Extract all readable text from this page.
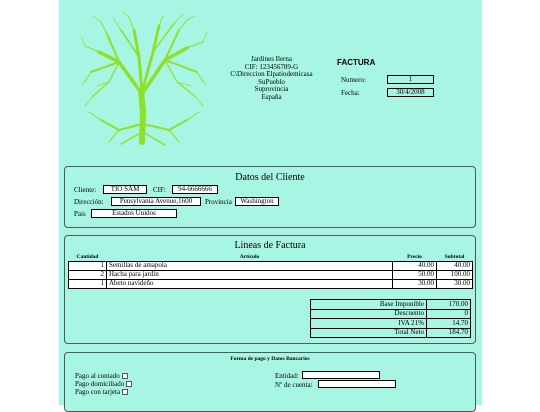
Jardines Ilerna
CIF: 123456789-G
C\Direccion Elpatiodemicasa
SuPueblo
Suprovincia
España
FACTURA
Numero:	1
Fecha:	30/4/2008
Datos del Cliente
Cliente:	TIO SAM	CIF:	94-6666666
Dirección:	Pensylvania Avenue,1600	Provincia	Washington
Pais	Estados Unidos
Lineas de Factura
Cantidad	Artículo	Precio	Subtotal
1	Semillas de amapola	40.00	40.00
2	Hacha para jardín	50.00	100.00
1	Abeto navideño	30.00	30.00
Base Imponible	170.00
Descuento	0
IVA 21%	14.70
Total Neto	184.70
Forma de pago y Datos Bancarios
Pago al contado
Pago domiciliado
Pago con tarjeta
Entidad:
Nº de cuenta:
